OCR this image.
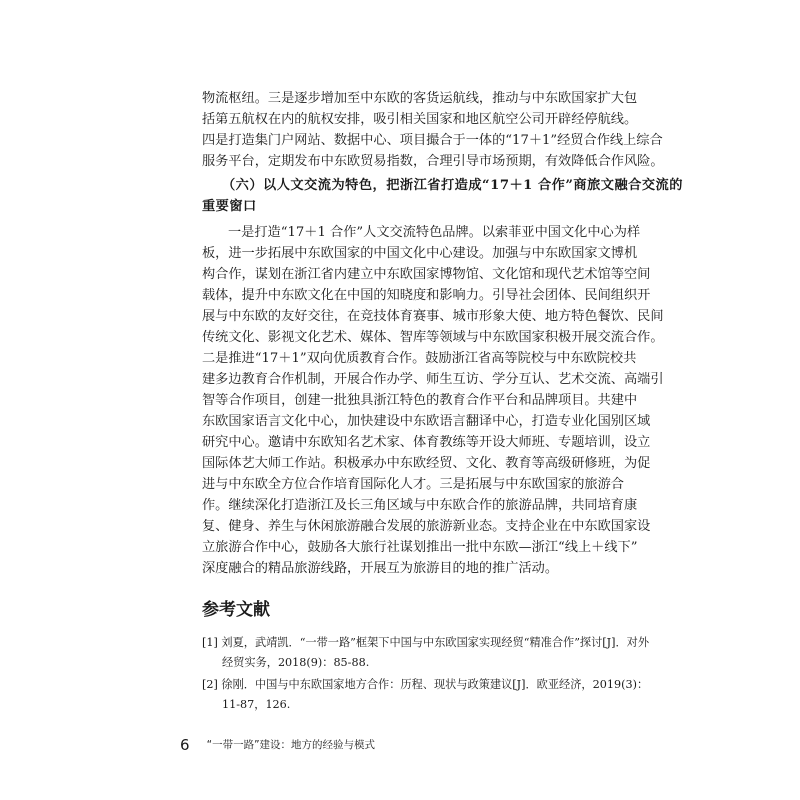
物流枢纽。三是逐步增加至中东欧的客货运航线，推动与中东欧国家扩大包
括第五航权在内的航权安排，吸引相关国家和地区航空公司开辟经停航线。
四是打造集门户网站、数据中心、项目撮合于一体的“17＋1”经贸合作线上综合
服务平台，定期发布中东欧贸易指数，合理引导市场预期，有效降低合作风险。
（六）以人文交流为特色，把浙江省打造成“17＋1 合作”商旅文融合交流的
重要窗口
一是打造“17＋1 合作”人文交流特色品牌。以索菲亚中国文化中心为样
板，进一步拓展中东欧国家的中国文化中心建设。加强与中东欧国家文博机
构合作，谋划在浙江省内建立中东欧国家博物馆、文化馆和现代艺术馆等空间
载体，提升中东欧文化在中国的知晓度和影响力。引导社会团体、民间组织开
展与中东欧的友好交往，在竞技体育赛事、城市形象大使、地方特色餐饮、民间
传统文化、影视文化艺术、媒体、智库等领域与中东欧国家积极开展交流合作。
二是推进“17＋1”双向优质教育合作。鼓励浙江省高等院校与中东欧院校共
建多边教育合作机制，开展合作办学、师生互访、学分互认、艺术交流、高端引
智等合作项目，创建一批独具浙江特色的教育合作平台和品牌项目。共建中
东欧国家语言文化中心，加快建设中东欧语言翻译中心，打造专业化国别区域
研究中心。邀请中东欧知名艺术家、体育教练等开设大师班、专题培训，设立
国际体艺大师工作站。积极承办中东欧经贸、文化、教育等高级研修班，为促
进与中东欧全方位合作培育国际化人才。三是拓展与中东欧国家的旅游合
作。继续深化打造浙江及长三角区域与中东欧合作的旅游品牌，共同培育康
复、健身、养生与休闲旅游融合发展的旅游新业态。支持企业在中东欧国家设
立旅游合作中心，鼓励各大旅行社谋划推出一批中东欧—浙江“线上＋线下”
深度融合的精品旅游线路，开展互为旅游目的地的推广活动。
参考文献
[1] 刘夏，武靖凯．“一带一路”框架下中国与中东欧国家实现经贸“精准合作”探讨[J]．对外
经贸实务，2018(9)：85-88.
[2] 徐刚．中国与中东欧国家地方合作：历程、现状与政策建议[J]．欧亚经济，2019(3)：
11-87，126.
6 “一带一路”建设：地方的经验与模式
